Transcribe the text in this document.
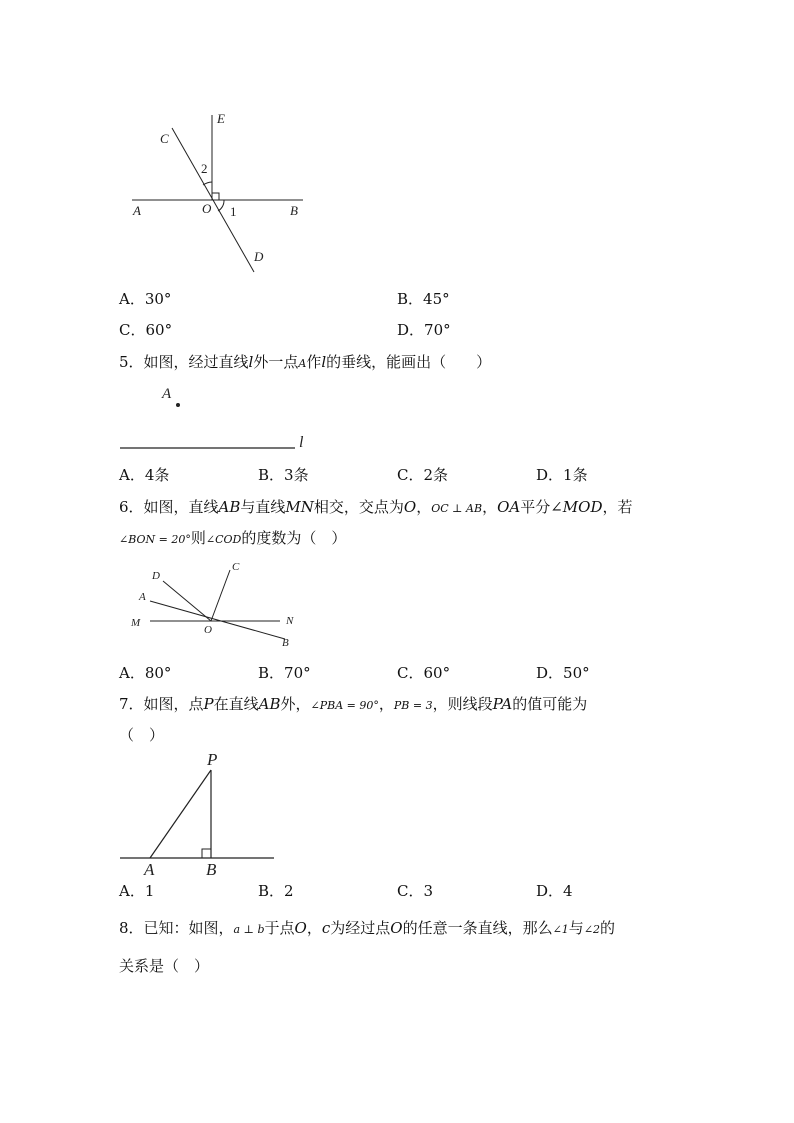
C
E
A	O	B
D
1
2
A．30°	B．45°
C．60°	D．70°
5．如图，经过直线l外一点A作l的垂线，能画出（　　）
A
l
A．4条	B．3条	C．2条	D．1条
6．如图，直线AB与直线MN相交，交点为O，OC ⊥ AB，OA平分∠MOD，若
∠BON = 20°则∠COD的度数为（　）
D
C
A
M
O
N
B
A．80°	B．70°	C．60°	D．50°
7．如图，点P在直线AB外，∠PBA = 90°，PB = 3，则线段PA的值可能为
（　）
P
A	B
A．1	B．2	C．3	D．4
8．已知：如图，a ⊥ b于点O，c为经过点O的任意一条直线，那么∠1与∠2的
关系是（　）
